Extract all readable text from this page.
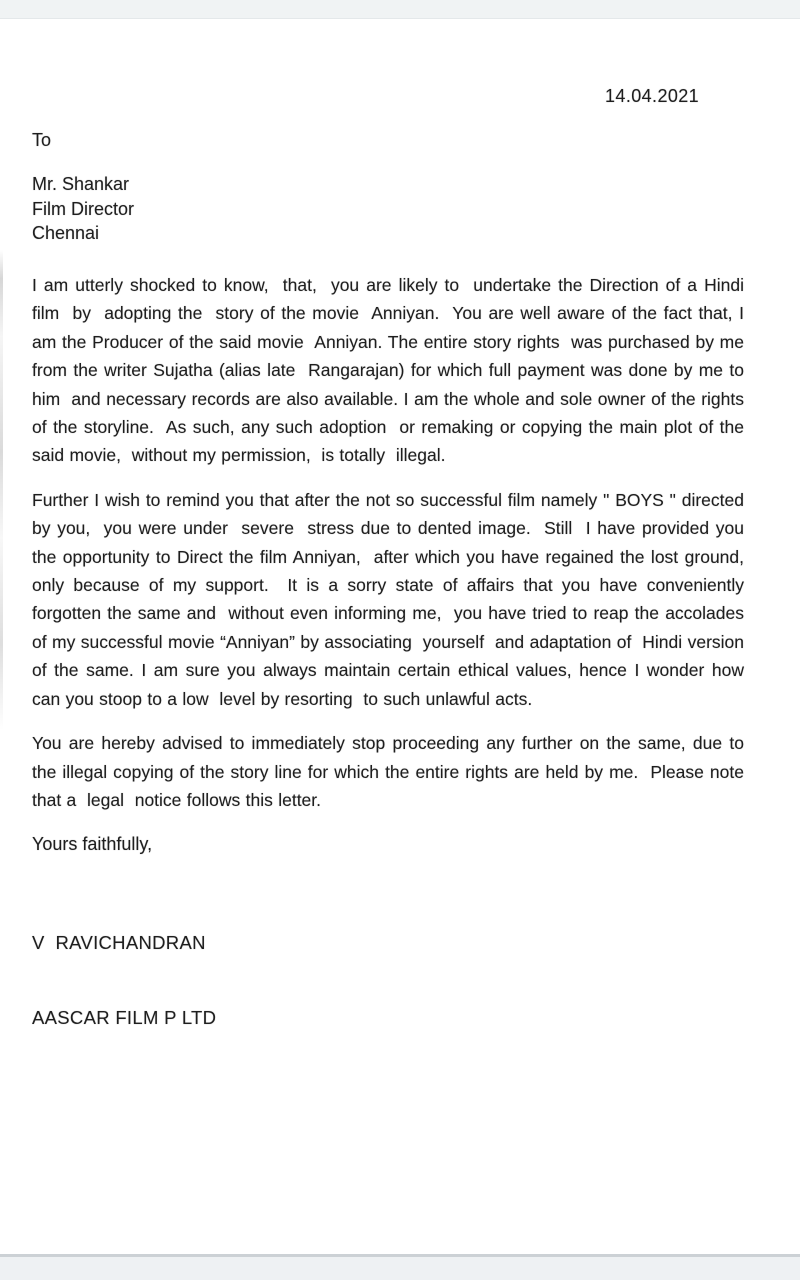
14.04.2021
To
Mr. Shankar
Film Director
Chennai

I am utterly shocked to know,  that,  you are likely to  undertake the Direction of a Hindi film  by  adopting the  story of the movie  Anniyan.  You are well aware of the fact that, I am the Producer of the said movie  Anniyan. The entire story rights  was purchased by me from the writer Sujatha (alias late  Rangarajan) for which full payment was done by me to him  and necessary records are also available. I am the whole and sole owner of the rights of the storyline.  As such, any such adoption  or remaking or copying the main plot of the said movie,  without my permission,  is totally  illegal.

Further I wish to remind you that after the not so successful film namely " BOYS " directed by you,  you were under  severe  stress due to dented image.  Still  I have provided you the opportunity to Direct the film Anniyan,  after which you have regained the lost ground, only because of my support.  It is a sorry state of affairs that you have conveniently forgotten the same and  without even informing me,  you have tried to reap the accolades of my successful movie “Anniyan” by associating  yourself  and adaptation of  Hindi version  of the same. I am sure you always maintain certain ethical values, hence I wonder how can you stoop to a low  level by resorting  to such unlawful acts.

You are hereby advised to immediately stop proceeding any further on the same, due to the illegal copying of the story line for which the entire rights are held by me.  Please note that a  legal  notice follows this letter.

Yours faithfully,

V  RAVICHANDRAN

AASCAR FILM P LTD
